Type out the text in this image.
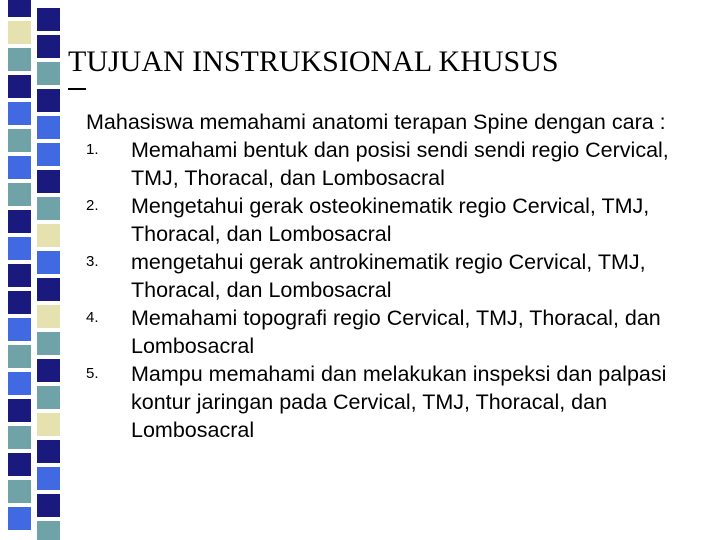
TUJUAN INSTRUKSIONAL KHUSUS

Mahasiswa memahami anatomi terapan Spine dengan cara :

1. Memahami bentuk dan posisi sendi sendi regio Cervical, TMJ, Thoracal, dan Lombosacral
2. Mengetahui gerak osteokinematik regio Cervical, TMJ, Thoracal, dan Lombosacral
3. mengetahui gerak antrokinematik regio Cervical, TMJ, Thoracal, dan Lombosacral
4. Memahami topografi regio Cervical, TMJ, Thoracal, dan Lombosacral
5. Mampu memahami dan melakukan inspeksi dan palpasi kontur jaringan pada Cervical, TMJ, Thoracal, dan Lombosacral
